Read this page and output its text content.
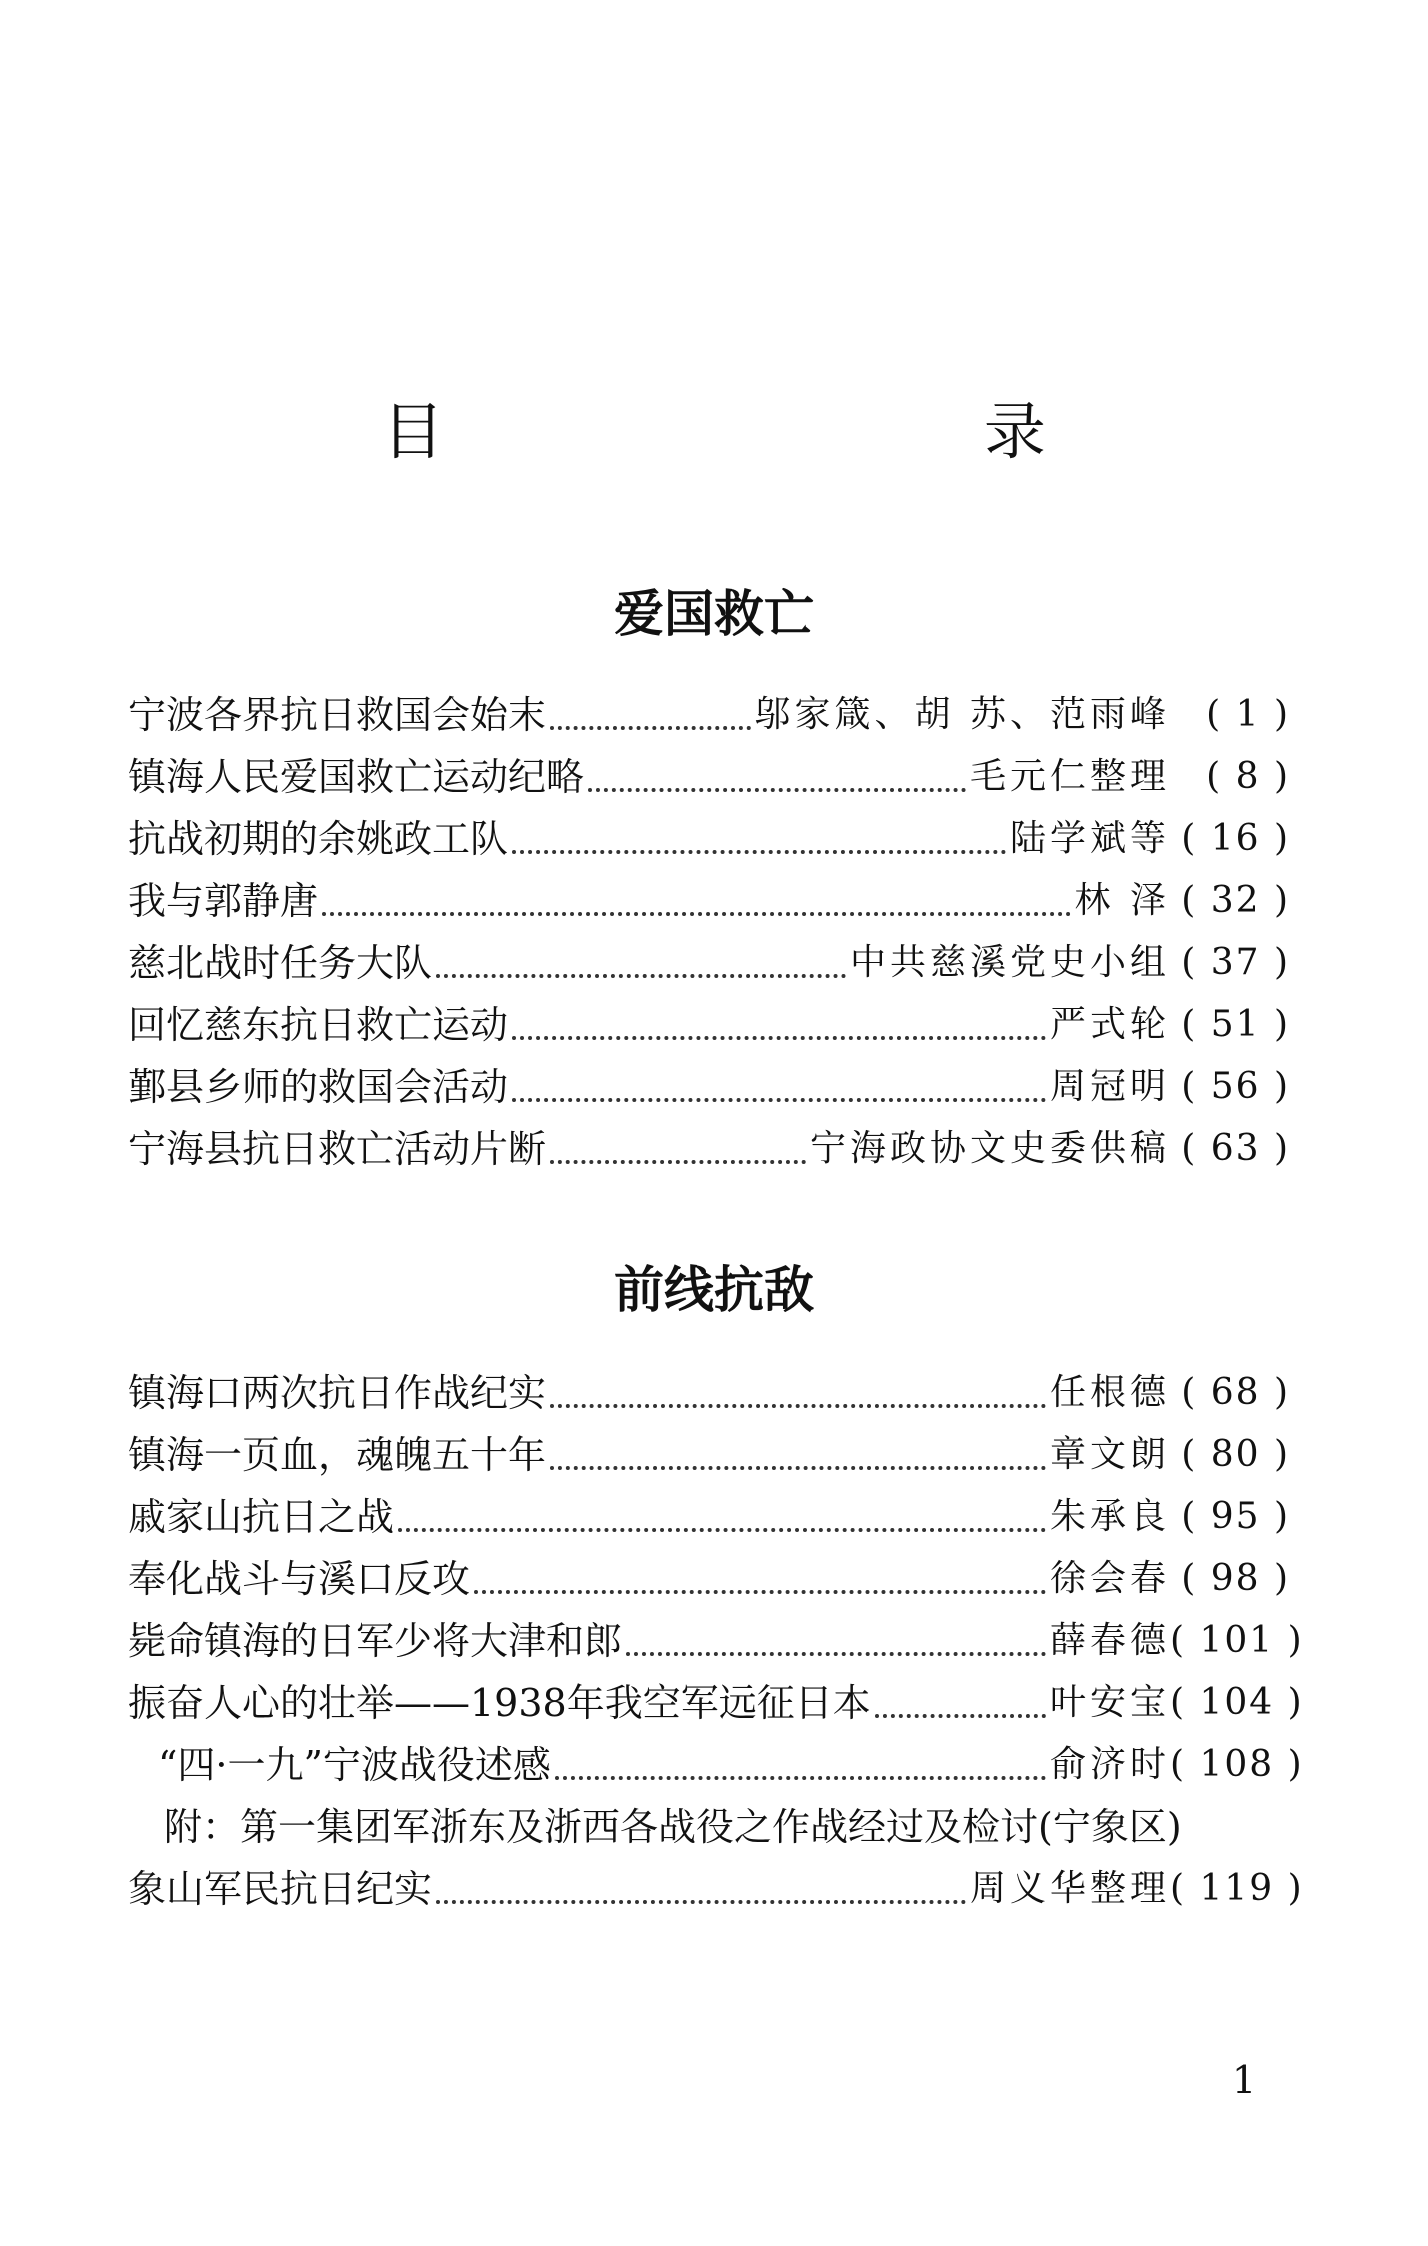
目 录
爱国救亡
宁波各界抗日救国会始末	邬家箴、胡 苏、范雨峰	( 1 )
镇海人民爱国救亡运动纪略	毛元仁整理	( 8 )
抗战初期的余姚政工队	陆学斌等 ( 16 )
我与郭静唐	林 泽 ( 32 )
慈北战时任务大队	中共慈溪党史小组 ( 37 )
回忆慈东抗日救亡运动	严式轮 ( 51 )
鄞县乡师的救国会活动	周冠明 ( 56 )
宁海县抗日救亡活动片断	宁海政协文史委供稿 ( 63 )
前线抗敌
镇海口两次抗日作战纪实	任根德 ( 68 )
镇海一页血，魂魄五十年	章文朗 ( 80 )
戚家山抗日之战	朱承良 ( 95 )
奉化战斗与溪口反攻	徐会春 ( 98 )
毙命镇海的日军少将大津和郎	薛春德 ( 101 )
振奋人心的壮举——1938年我空军远征日本	叶安宝 ( 104 )
“四·一九”宁波战役述感	俞济时 ( 108 )
附：第一集团军浙东及浙西各战役之作战经过及检讨(宁象区)
象山军民抗日纪实	周义华整理 ( 119 )
1
